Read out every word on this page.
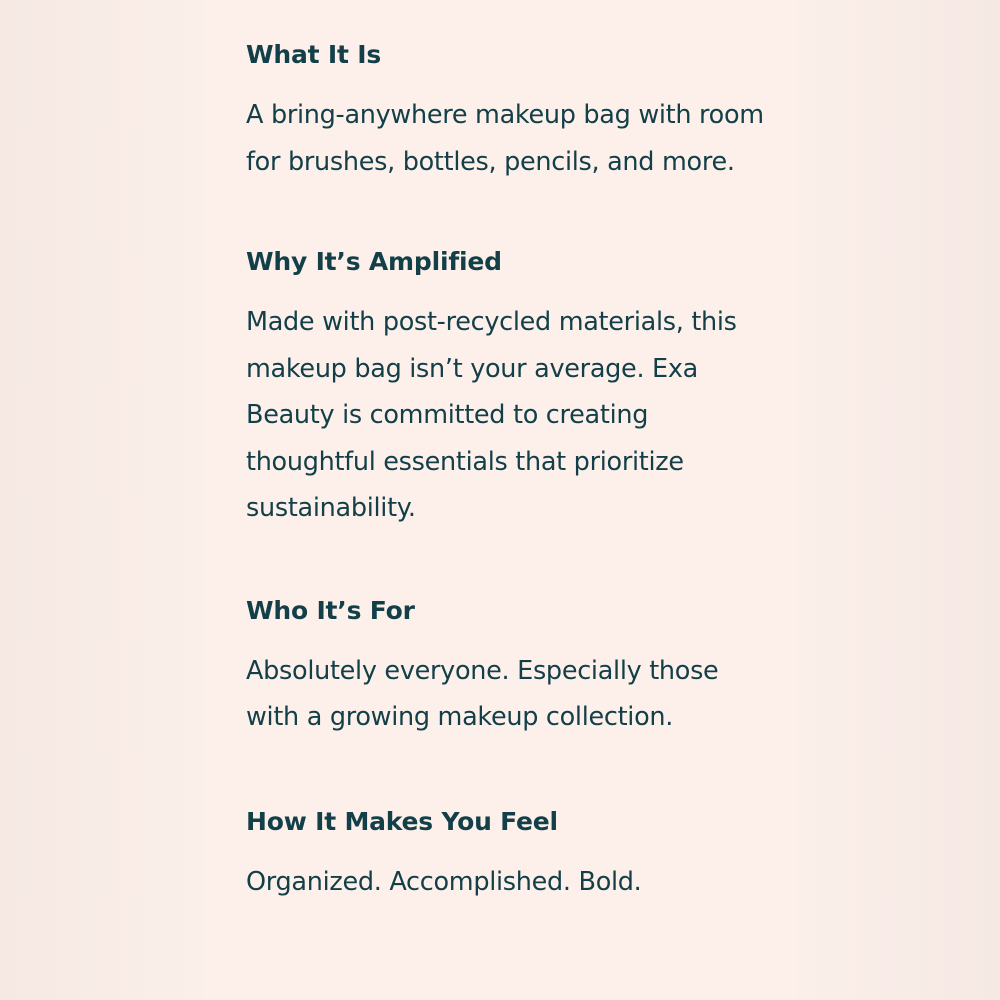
What It Is

A bring-anywhere makeup bag with room for brushes, bottles, pencils, and more.

Why It’s Amplified

Made with post-recycled materials, this makeup bag isn’t your average. Exa Beauty is committed to creating thoughtful essentials that prioritize sustainability.

Who It’s For

Absolutely everyone. Especially those with a growing makeup collection.

How It Makes You Feel

Organized. Accomplished. Bold.
